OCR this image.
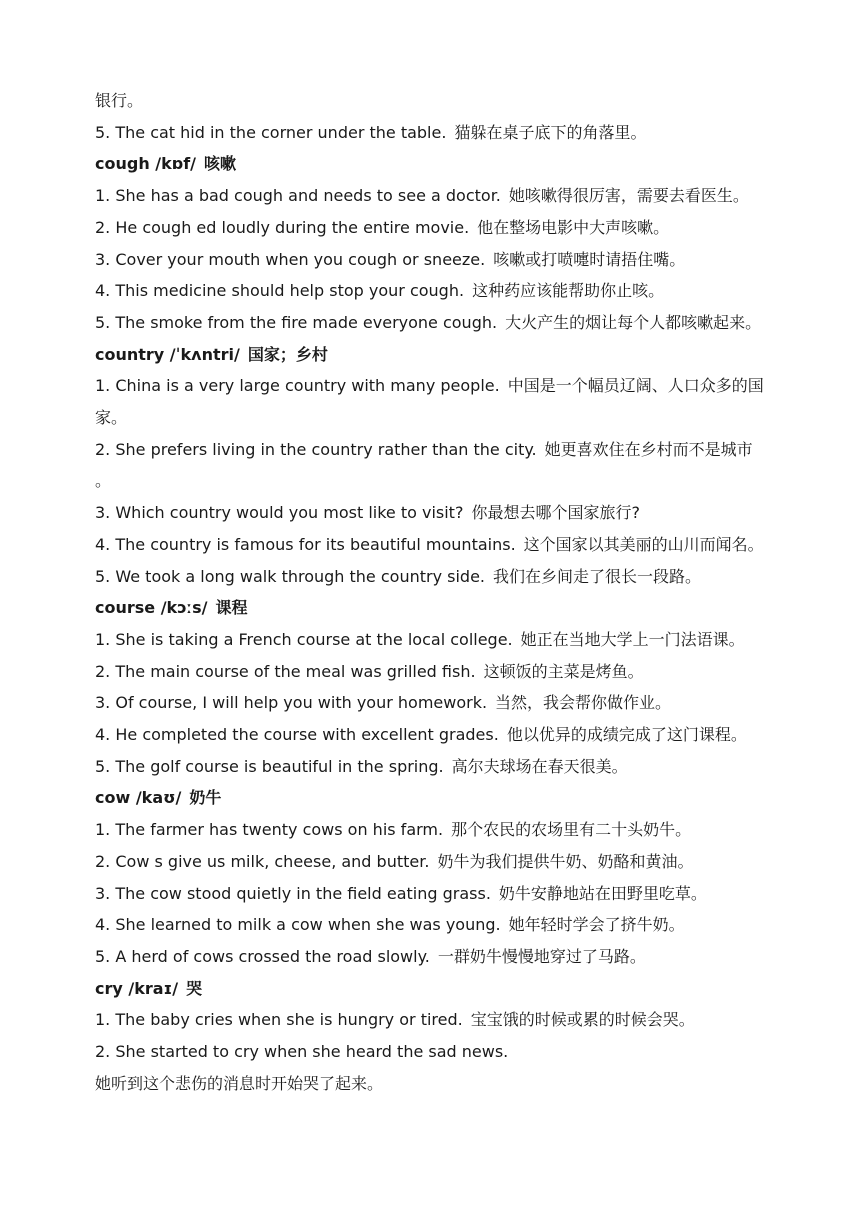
银行。
5. The cat hid in the corner under the table. 猫躲在桌子底下的角落里。
cough /kɒf/ 咳嗽
1. She has a bad cough and needs to see a doctor. 她咳嗽得很厉害，需要去看医生。
2. He cough ed loudly during the entire movie. 他在整场电影中大声咳嗽。
3. Cover your mouth when you cough or sneeze. 咳嗽或打喷嚏时请捂住嘴。
4. This medicine should help stop your cough. 这种药应该能帮助你止咳。
5. The smoke from the fire made everyone cough. 大火产生的烟让每个人都咳嗽起来。
country /ˈkʌntri/ 国家；乡村
1. China is a very large country with many people. 中国是一个幅员辽阔、人口众多的国
家。
2. She prefers living in the country rather than the city. 她更喜欢住在乡村而不是城市
。
3. Which country would you most like to visit? 你最想去哪个国家旅行?
4. The country is famous for its beautiful mountains. 这个国家以其美丽的山川而闻名。
5. We took a long walk through the country side. 我们在乡间走了很长一段路。
course /kɔːs/ 课程
1. She is taking a French course at the local college. 她正在当地大学上一门法语课。
2. The main course of the meal was grilled fish. 这顿饭的主菜是烤鱼。
3. Of course, I will help you with your homework. 当然，我会帮你做作业。
4. He completed the course with excellent grades. 他以优异的成绩完成了这门课程。
5. The golf course is beautiful in the spring. 高尔夫球场在春天很美。
cow /kaʊ/ 奶牛
1. The farmer has twenty cows on his farm. 那个农民的农场里有二十头奶牛。
2. Cow s give us milk, cheese, and butter. 奶牛为我们提供牛奶、奶酪和黄油。
3. The cow stood quietly in the field eating grass. 奶牛安静地站在田野里吃草。
4. She learned to milk a cow when she was young. 她年轻时学会了挤牛奶。
5. A herd of cows crossed the road slowly. 一群奶牛慢慢地穿过了马路。
cry /kraɪ/ 哭
1. The baby cries when she is hungry or tired. 宝宝饿的时候或累的时候会哭。
2. She started to cry when she heard the sad news.
她听到这个悲伤的消息时开始哭了起来。
